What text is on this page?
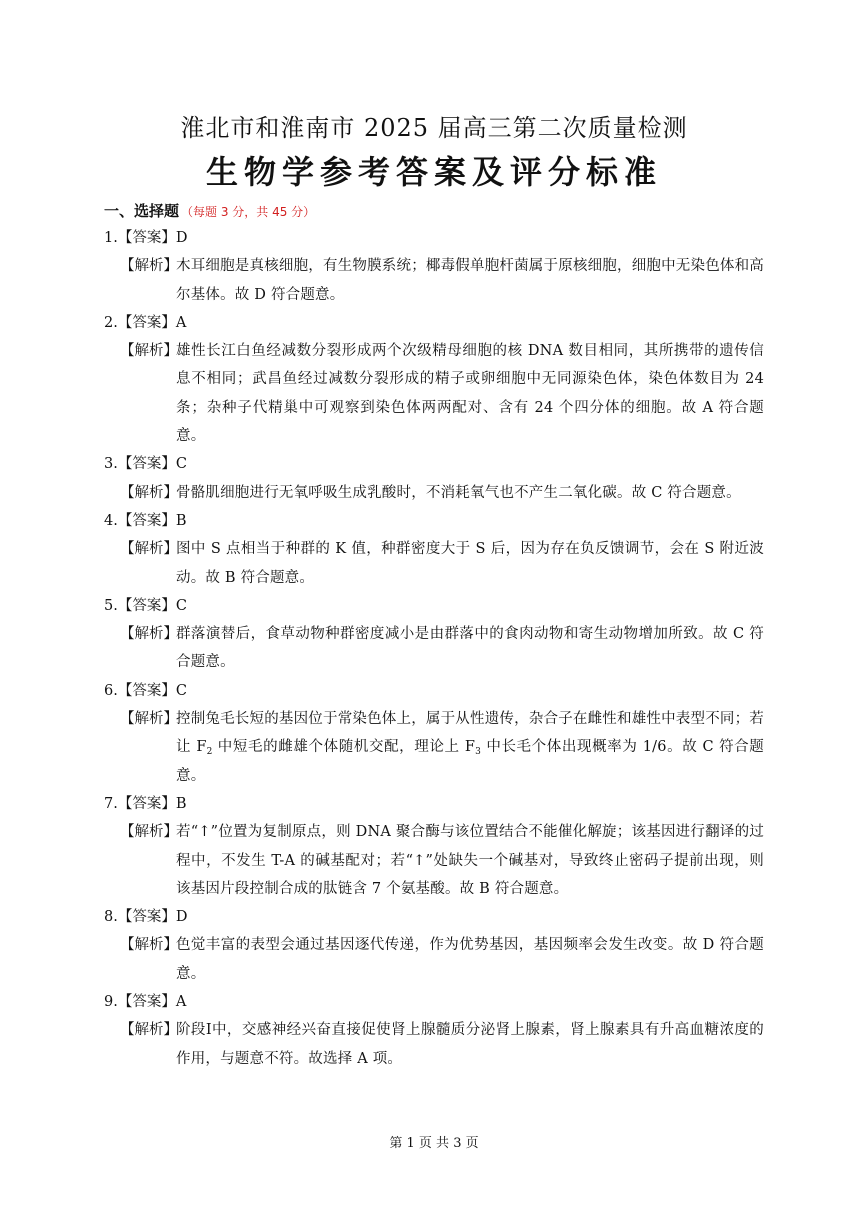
淮北市和淮南市 2025 届高三第二次质量检测
生物学参考答案及评分标准
一、选择题 （每题 3 分，共 45 分）
1.【答案】D
【解析】
木耳细胞是真核细胞，有生物膜系统；椰毒假单胞杆菌属于原核细胞，细胞中无染色体和高尔基体。故 D 符合题意。
2.【答案】A
【解析】
雄性长江白鱼经减数分裂形成两个次级精母细胞的核 DNA 数目相同，其所携带的遗传信息不相同；武昌鱼经过减数分裂形成的精子或卵细胞中无同源染色体，染色体数目为 24 条；杂种子代精巢中可观察到染色体两两配对、含有 24 个四分体的细胞。故 A 符合题意。
3.【答案】C
【解析】
骨骼肌细胞进行无氧呼吸生成乳酸时，不消耗氧气也不产生二氧化碳。故 C 符合题意。
4.【答案】B
【解析】
图中 S 点相当于种群的 K 值，种群密度大于 S 后，因为存在负反馈调节，会在 S 附近波动。故 B 符合题意。
5.【答案】C
【解析】
群落演替后，食草动物种群密度减小是由群落中的食肉动物和寄生动物增加所致。故 C 符合题意。
6.【答案】C
【解析】
控制兔毛长短的基因位于常染色体上，属于从性遗传，杂合子在雌性和雄性中表型不同；若让 $F_2$ 中短毛的雌雄个体随机交配，理论上 $F_3$ 中长毛个体出现概率为 1/6。故 C 符合题意。
7.【答案】B
【解析】
若“↑”位置为复制原点，则 DNA 聚合酶与该位置结合不能催化解旋；该基因进行翻译的过程中，不发生 T-A 的碱基配对；若“↑”处缺失一个碱基对，导致终止密码子提前出现，则该基因片段控制合成的肽链含 7 个氨基酸。故 B 符合题意。
8.【答案】D
【解析】
色觉丰富的表型会通过基因逐代传递，作为优势基因，基因频率会发生改变。故 D 符合题意。
9.【答案】A
【解析】
阶段Ⅰ中，交感神经兴奋直接促使肾上腺髓质分泌肾上腺素，肾上腺素具有升高血糖浓度的作用，与题意不符。故选择 A 项。
第 1 页 共 3 页
